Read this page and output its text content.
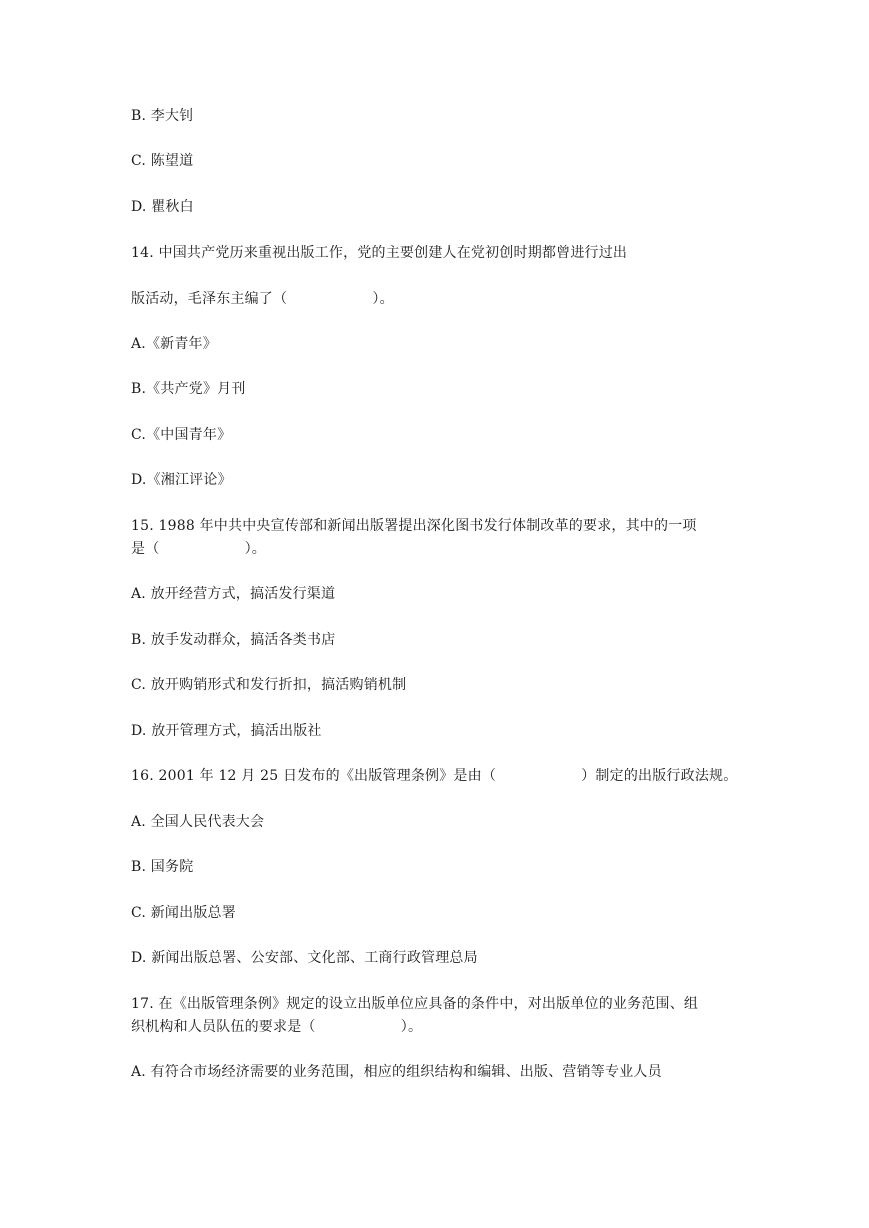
B. 李大钊
C. 陈望道
D. 瞿秋白
14. 中国共产党历来重视出版工作，党的主要创建人在党初创时期都曾进行过出
版活动，毛泽东主编了（　　　　　　）。
A.《新青年》
B.《共产党》月刊
C.《中国青年》
D.《湘江评论》
15. 1988 年中共中央宣传部和新闻出版署提出深化图书发行体制改革的要求，其中的一项
是（　　　　　　）。
A. 放开经营方式，搞活发行渠道
B. 放手发动群众，搞活各类书店
C. 放开购销形式和发行折扣，搞活购销机制
D. 放开管理方式，搞活出版社
16. 2001 年 12 月 25 日发布的《出版管理条例》是由（　　　　　　）制定的出版行政法规。
A. 全国人民代表大会
B. 国务院
C. 新闻出版总署
D. 新闻出版总署、公安部、文化部、工商行政管理总局
17. 在《出版管理条例》规定的设立出版单位应具备的条件中，对出版单位的业务范围、组
织机构和人员队伍的要求是（　　　　　　）。
A. 有符合市场经济需要的业务范围，相应的组织结构和编辑、出版、营销等专业人员
